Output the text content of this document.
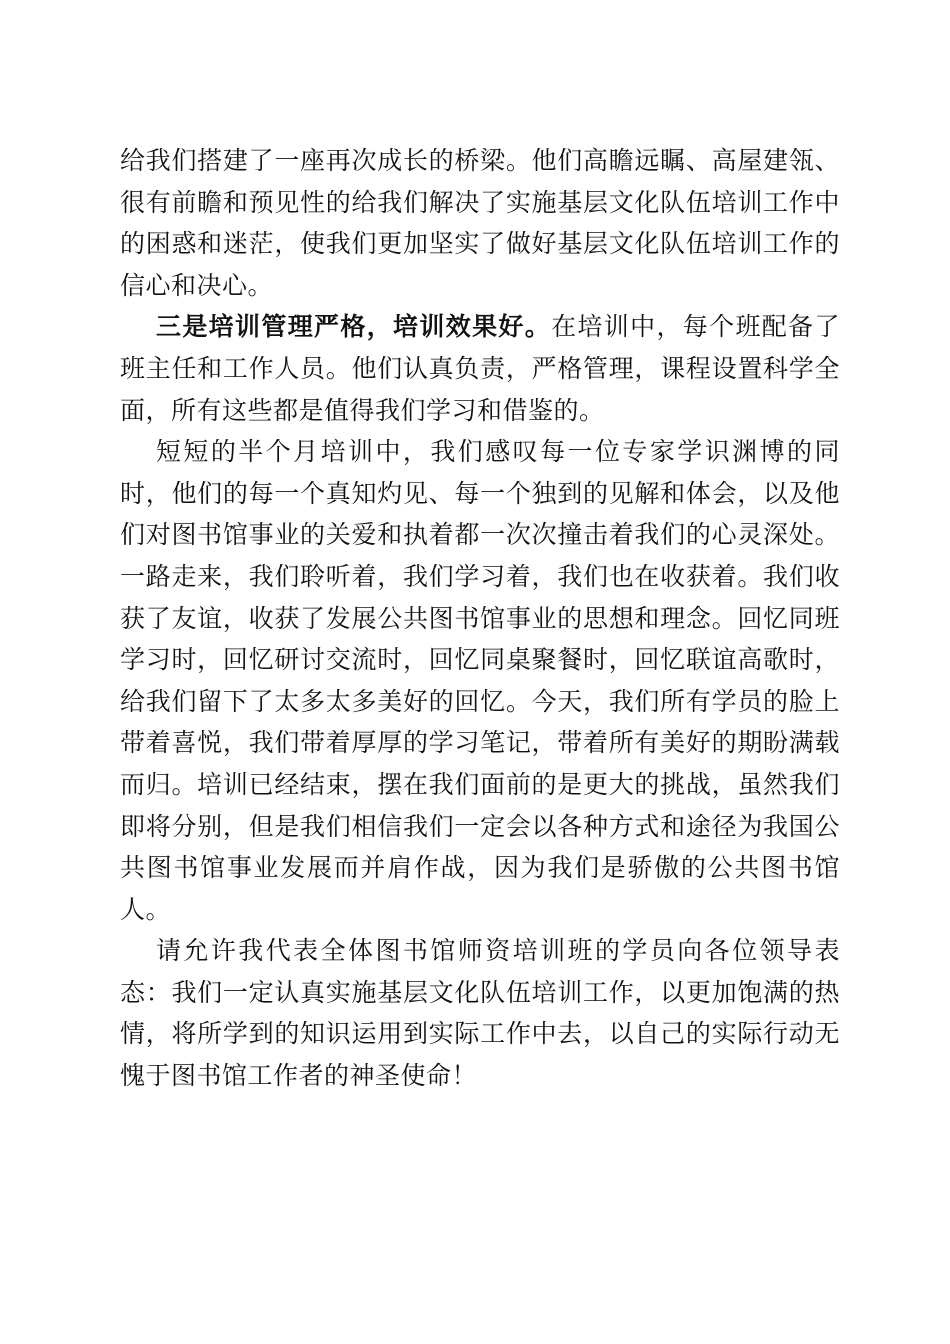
给我们搭建了一座再次成长的桥梁。他们高瞻远瞩、高屋建瓴、很有前瞻和预见性的给我们解决了实施基层文化队伍培训工作中的困惑和迷茫，使我们更加坚实了做好基层文化队伍培训工作的信心和决心。

三是培训管理严格，培训效果好。在培训中，每个班配备了班主任和工作人员。他们认真负责，严格管理，课程设置科学全面，所有这些都是值得我们学习和借鉴的。

短短的半个月培训中，我们感叹每一位专家学识渊博的同时，他们的每一个真知灼见、每一个独到的见解和体会，以及他们对图书馆事业的关爱和执着都一次次撞击着我们的心灵深处。一路走来，我们聆听着，我们学习着，我们也在收获着。我们收获了友谊，收获了发展公共图书馆事业的思想和理念。回忆同班学习时，回忆研讨交流时，回忆同桌聚餐时，回忆联谊高歌时，给我们留下了太多太多美好的回忆。今天，我们所有学员的脸上带着喜悦，我们带着厚厚的学习笔记，带着所有美好的期盼满载而归。培训已经结束，摆在我们面前的是更大的挑战，虽然我们即将分别，但是我们相信我们一定会以各种方式和途径为我国公共图书馆事业发展而并肩作战，因为我们是骄傲的公共图书馆人。

请允许我代表全体图书馆师资培训班的学员向各位领导表态：我们一定认真实施基层文化队伍培训工作，以更加饱满的热情，将所学到的知识运用到实际工作中去，以自己的实际行动无愧于图书馆工作者的神圣使命！
